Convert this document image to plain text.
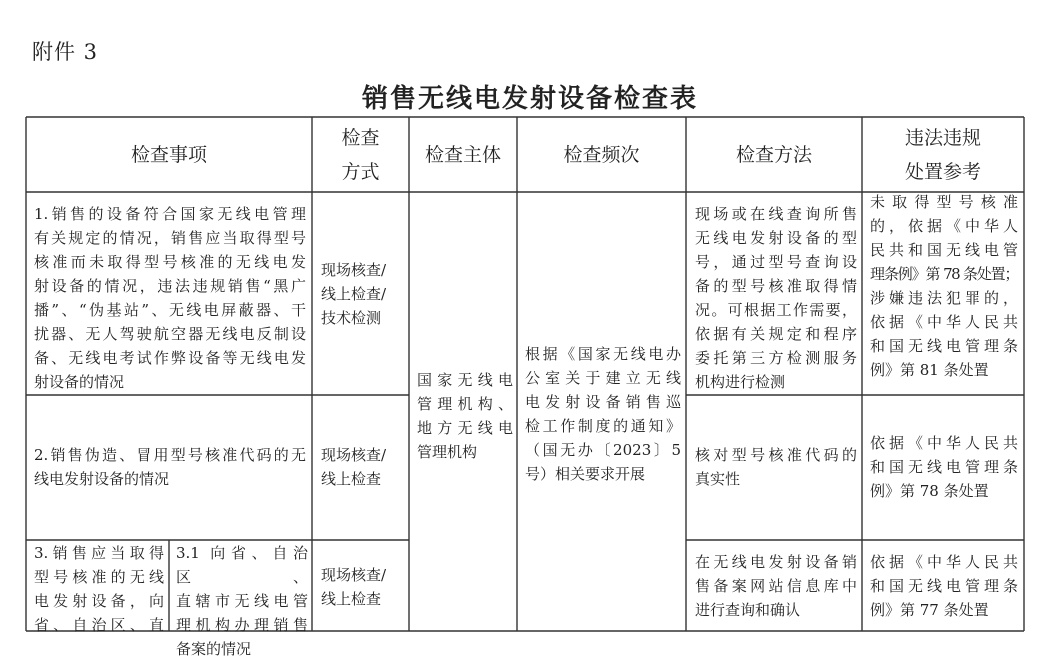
附件 3
销售无线电发射设备检查表
检查事项
检查
方式
检查主体	检查频次	检查方法
违法违规
处置参考
1.销售的设备符合国家无线电管理
有关规定的情况，销售应当取得型号
核准而未取得型号核准的无线电发
射设备的情况，违法违规销售“黑广
播”、“伪基站”、无线电屏蔽器、干
扰器、无人驾驶航空器无线电反制设
备、无线电考试作弊设备等无线电发
射设备的情况
现场核查/
线上检查/
技术检测
现场或在线查询所售
无线电发射设备的型
号，通过型号查询设
备的型号核准取得情
况。可根据工作需要，
依据有关规定和程序
委托第三方检测服务
机构进行检测
未取得型号核准
的，依据《中华人
民共和国无线电管
理条例》第 78 条处置；
涉嫌违法犯罪的，
依据《中华人民共
和国无线电管理条
例》第 81 条处置
国家无线电
管理机构、
地方无线电
管理机构
根据《国家无线电办
公室关于建立无线
电发射设备销售巡
检工作制度的通知》
（国无办〔2023〕5
号）相关要求开展
2.销售伪造、冒用型号核准代码的无
线电发射设备的情况
现场核查/
线上检查
核对型号核准代码的
真实性
依据《中华人民共
和国无线电管理条
例》第 78 条处置
3.销售应当取得
型号核准的无线
电发射设备，向
省、自治区、直
3.1 向省、自治区、
直辖市无线电管
理机构办理销售
备案的情况
现场核查/
线上检查
在无线电发射设备销
售备案网站信息库中
进行查询和确认
依据《中华人民共
和国无线电管理条
例》第 77 条处置
